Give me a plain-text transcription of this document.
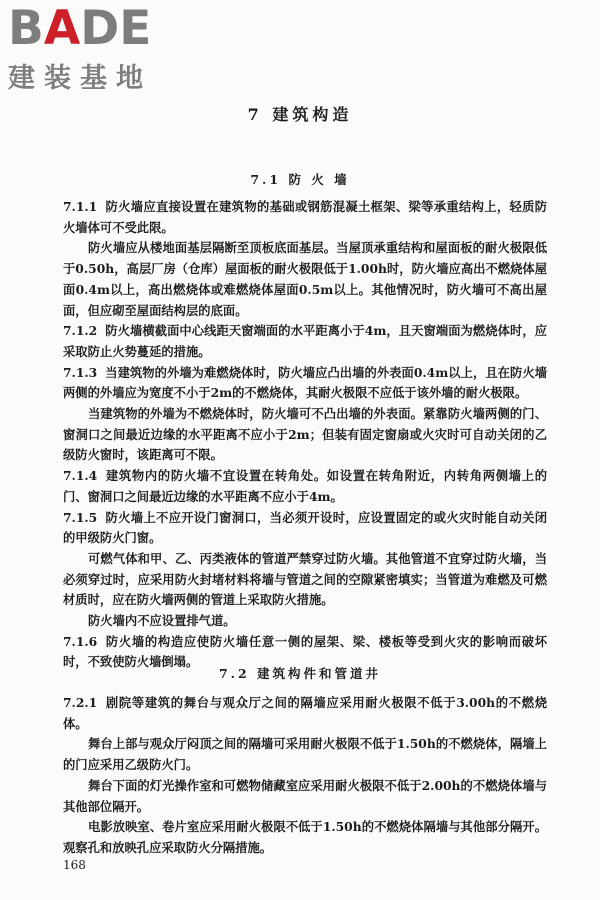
BADE
建装基地
7 建筑构造
7.1 防 火 墙

7.1.1 防火墙应直接设置在建筑物的基础或钢筋混凝土框架、梁等承重结构上，轻质防火墙体可不受此限。

防火墙应从楼地面基层隔断至顶板底面基层。当屋顶承重结构和屋面板的耐火极限低于0.50h，高层厂房（仓库）屋面板的耐火极限低于1.00h时，防火墙应高出不燃烧体屋面0.4m以上，高出燃烧体或难燃烧体屋面0.5m以上。其他情况时，防火墙可不高出屋面，但应砌至屋面结构层的底面。

7.1.2 防火墙横截面中心线距天窗端面的水平距离小于4m，且天窗端面为燃烧体时，应采取防止火势蔓延的措施。

7.1.3 当建筑物的外墙为难燃烧体时，防火墙应凸出墙的外表面0.4m以上，且在防火墙两侧的外墙应为宽度不小于2m的不燃烧体，其耐火极限不应低于该外墙的耐火极限。

当建筑物的外墙为不燃烧体时，防火墙可不凸出墙的外表面。紧靠防火墙两侧的门、窗洞口之间最近边缘的水平距离不应小于2m；但装有固定窗扇或火灾时可自动关闭的乙级防火窗时，该距离可不限。

7.1.4 建筑物内的防火墙不宜设置在转角处。如设置在转角附近，内转角两侧墙上的门、窗洞口之间最近边缘的水平距离不应小于4m。

7.1.5 防火墙上不应开设门窗洞口，当必须开设时，应设置固定的或火灾时能自动关闭的甲级防火门窗。

可燃气体和甲、乙、丙类液体的管道严禁穿过防火墙。其他管道不宜穿过防火墙，当必须穿过时，应采用防火封堵材料将墙与管道之间的空隙紧密填实；当管道为难燃及可燃材质时，应在防火墙两侧的管道上采取防火措施。

防火墙内不应设置排气道。

7.1.6 防火墙的构造应使防火墙任意一侧的屋架、梁、楼板等受到火灾的影响而破坏时，不致使防火墙倒塌。

7.2 建筑构件和管道井

7.2.1 剧院等建筑的舞台与观众厅之间的隔墙应采用耐火极限不低于3.00h的不燃烧体。

舞台上部与观众厅闷顶之间的隔墙可采用耐火极限不低于1.50h的不燃烧体，隔墙上的门应采用乙级防火门。

舞台下面的灯光操作室和可燃物储藏室应采用耐火极限不低于2.00h的不燃烧体墙与其他部位隔开。

电影放映室、卷片室应采用耐火极限不低于1.50h的不燃烧体隔墙与其他部分隔开。观察孔和放映孔应采取防火分隔措施。

168
